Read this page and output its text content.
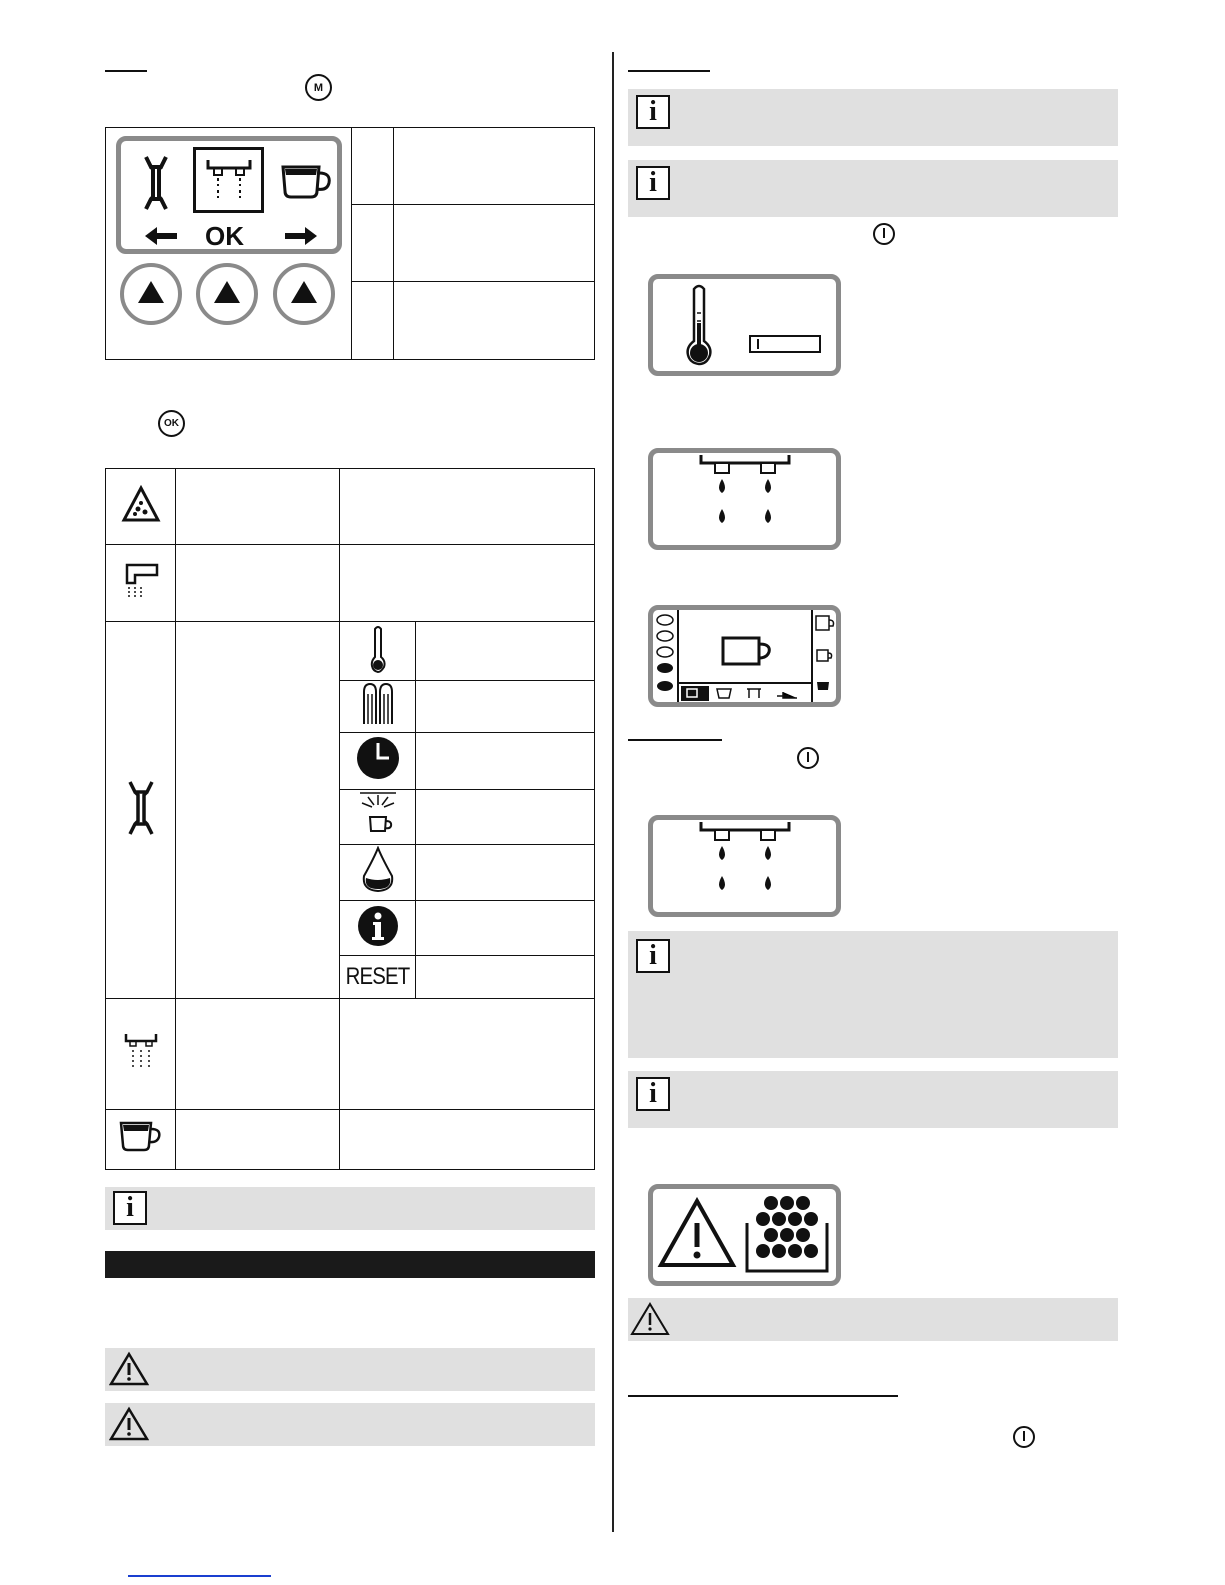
M
OK		

OK

		RESET	

i
i
i
i
i
